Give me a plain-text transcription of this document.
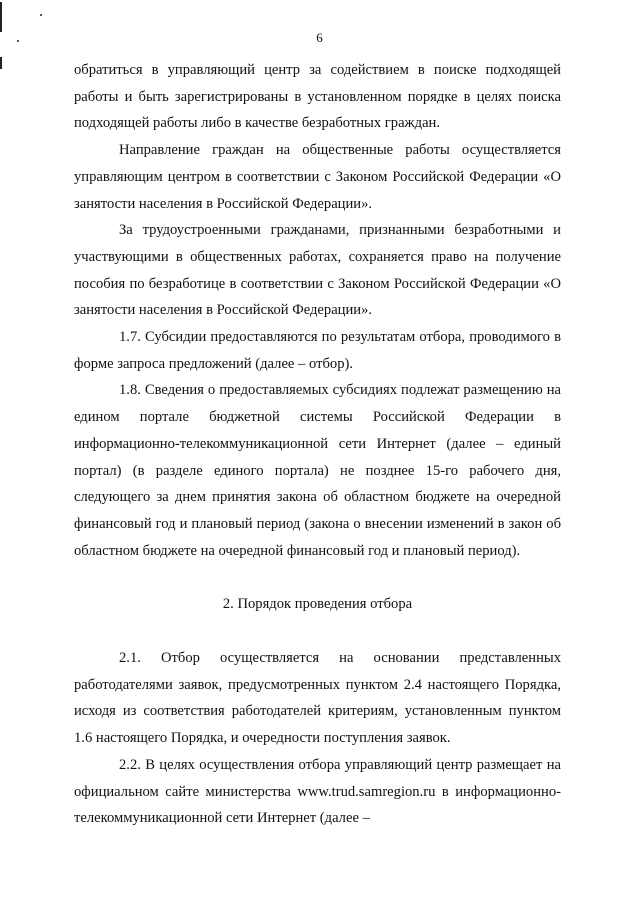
6

обратиться в управляющий центр за содействием в поиске подходящей работы и быть зарегистрированы в установленном порядке в целях поиска подходящей работы либо в качестве безработных граждан.

Направление граждан на общественные работы осуществляется управляющим центром в соответствии с Законом Российской Федерации «О занятости населения в Российской Федерации».

За трудоустроенными гражданами, признанными безработными и участвующими в общественных работах, сохраняется право на получение пособия по безработице в соответствии с Законом Российской Федерации «О занятости населения в Российской Федерации».

1.7. Субсидии предоставляются по результатам отбора, проводимого в форме запроса предложений (далее – отбор).

1.8. Сведения о предоставляемых субсидиях подлежат размещению на едином портале бюджетной системы Российской Федерации в информационно-телекоммуникационной сети Интернет (далее – единый портал) (в разделе единого портала) не позднее 15-го рабочего дня, следующего за днем принятия закона об областном бюджете на очередной финансовый год и плановый период (закона о внесении изменений в закон об областном бюджете на очередной финансовый год и плановый период).

2. Порядок проведения отбора

2.1. Отбор осуществляется на основании представленных работодателями заявок, предусмотренных пунктом 2.4 настоящего Порядка, исходя из соответствия работодателей критериям, установленным пунктом 1.6 настоящего Порядка, и очередности поступления заявок.

2.2. В целях осуществления отбора управляющий центр размещает на официальном сайте министерства www.trud.samregion.ru в информационно-телекоммуникационной сети Интернет (далее –
